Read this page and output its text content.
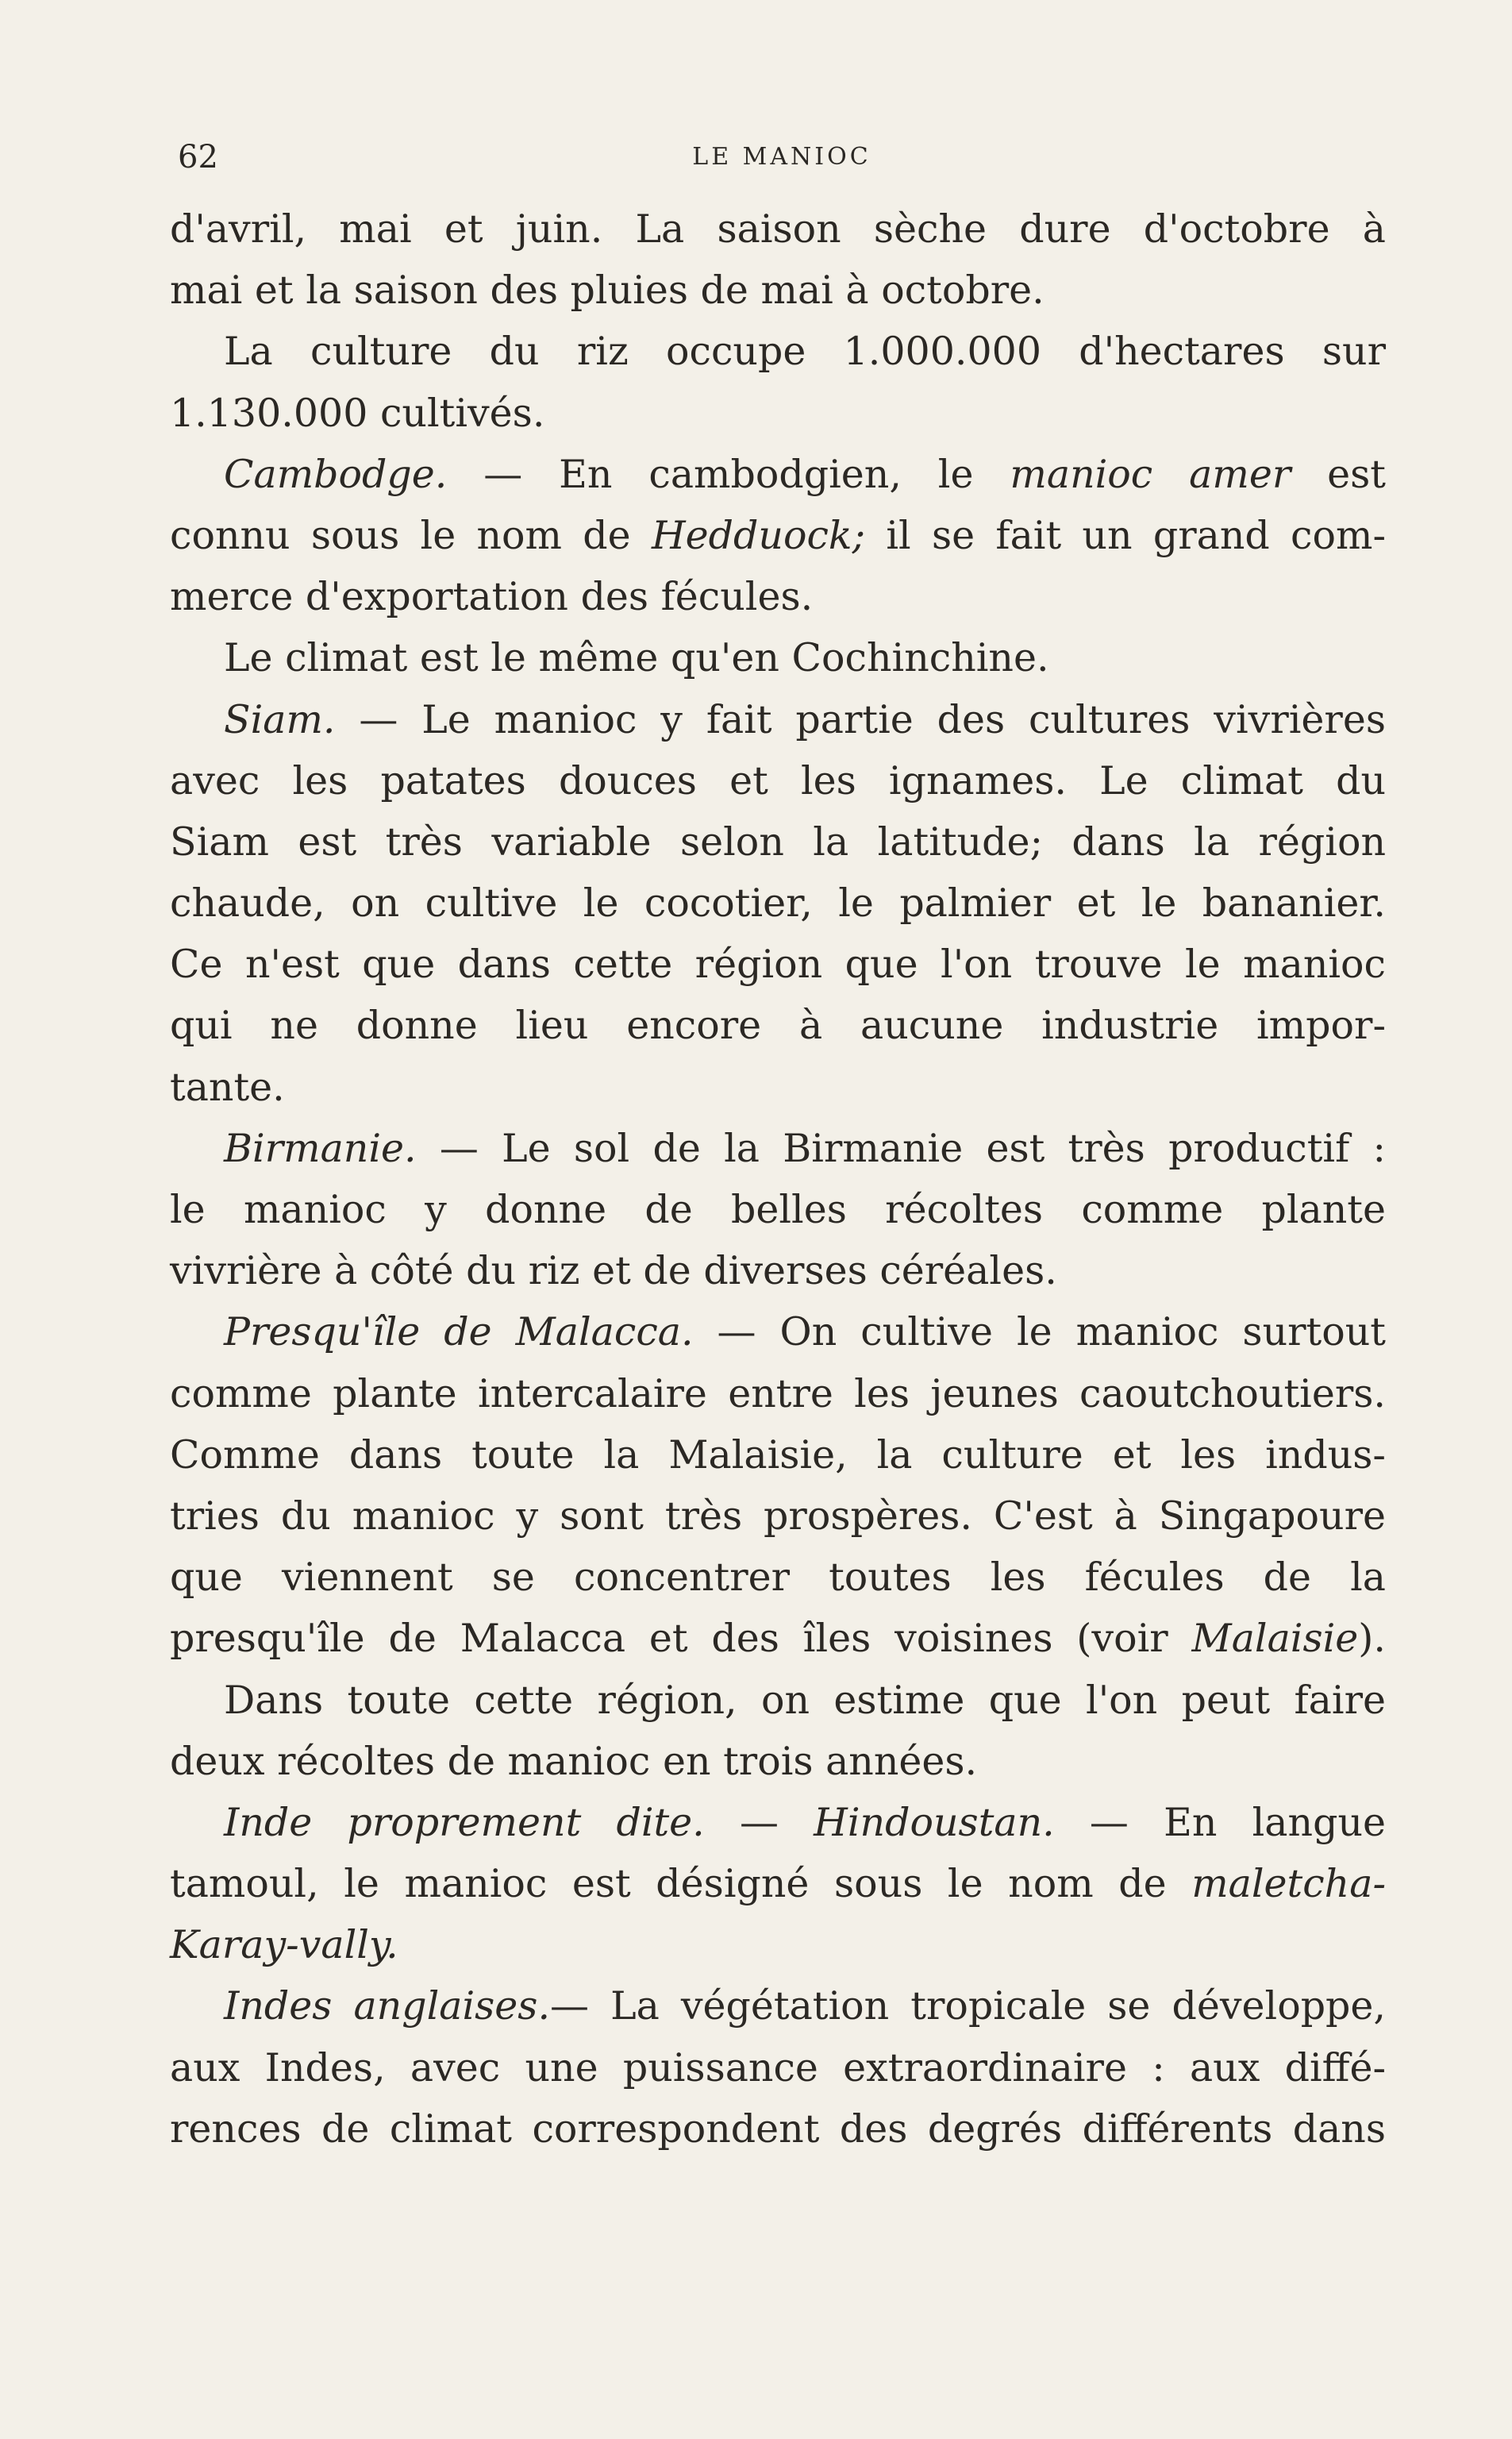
62	LE MANIOC
d'avril, mai et juin. La saison sèche dure d'octobre à
mai et la saison des pluies de mai à octobre.
La culture du riz occupe 1.000.000 d'hectares sur
1.130.000 cultivés.
Cambodge. — En cambodgien, le manioc amer est
connu sous le nom de Hedduock; il se fait un grand com-
merce d'exportation des fécules.
Le climat est le même qu'en Cochinchine.
Siam. — Le manioc y fait partie des cultures vivrières
avec les patates douces et les ignames. Le climat du
Siam est très variable selon la latitude; dans la région
chaude, on cultive le cocotier, le palmier et le bananier.
Ce n'est que dans cette région que l'on trouve le manioc
qui ne donne lieu encore à aucune industrie impor-
tante.
Birmanie. — Le sol de la Birmanie est très productif :
le manioc y donne de belles récoltes comme plante
vivrière à côté du riz et de diverses céréales.
Presqu'île de Malacca. — On cultive le manioc surtout
comme plante intercalaire entre les jeunes caoutchoutiers.
Comme dans toute la Malaisie, la culture et les indus-
tries du manioc y sont très prospères. C'est à Singapoure
que viennent se concentrer toutes les fécules de la
presqu'île de Malacca et des îles voisines (voir Malaisie).
Dans toute cette région, on estime que l'on peut faire
deux récoltes de manioc en trois années.
Inde proprement dite. — Hindoustan. — En langue
tamoul, le manioc est désigné sous le nom de maletcha-
Karay-vally.
Indes anglaises.— La végétation tropicale se développe,
aux Indes, avec une puissance extraordinaire : aux diffé-
rences de climat correspondent des degrés différents dans
